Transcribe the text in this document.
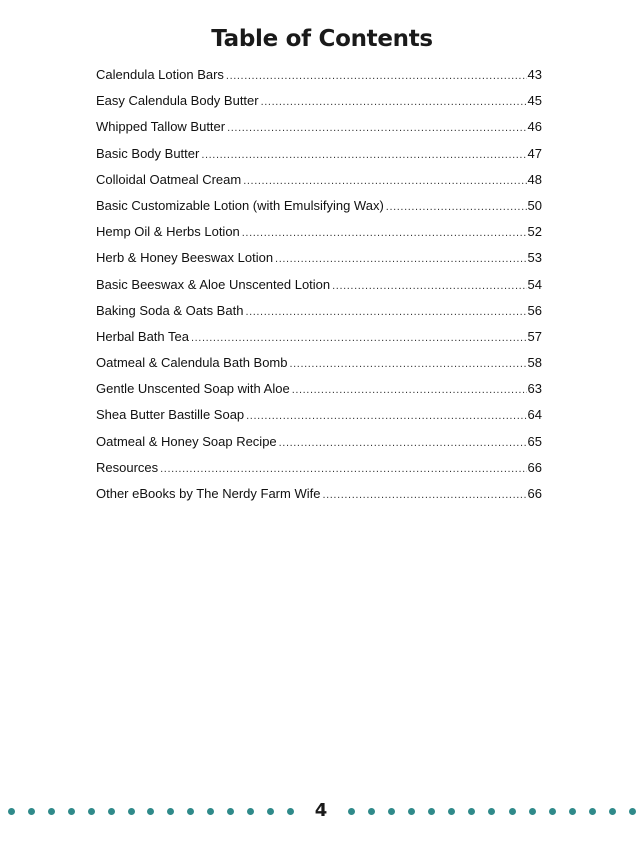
Table of Contents
Calendula Lotion Bars .....	43
Easy Calendula Body Butter .....	45
Whipped Tallow Butter .....	46
Basic Body Butter .....	47
Colloidal Oatmeal Cream .....	48
Basic Customizable Lotion (with Emulsifying Wax) .....	50
Hemp Oil & Herbs Lotion .....	52
Herb & Honey Beeswax Lotion .....	53
Basic Beeswax & Aloe Unscented Lotion .....	54
Baking Soda & Oats Bath .....	56
Herbal Bath Tea .....	57
Oatmeal & Calendula Bath Bomb .....	58
Gentle Unscented Soap with Aloe .....	63
Shea Butter Bastille Soap .....	64
Oatmeal & Honey Soap Recipe .....	65
Resources .....	66
Other eBooks by The Nerdy Farm Wife .....	66
4
